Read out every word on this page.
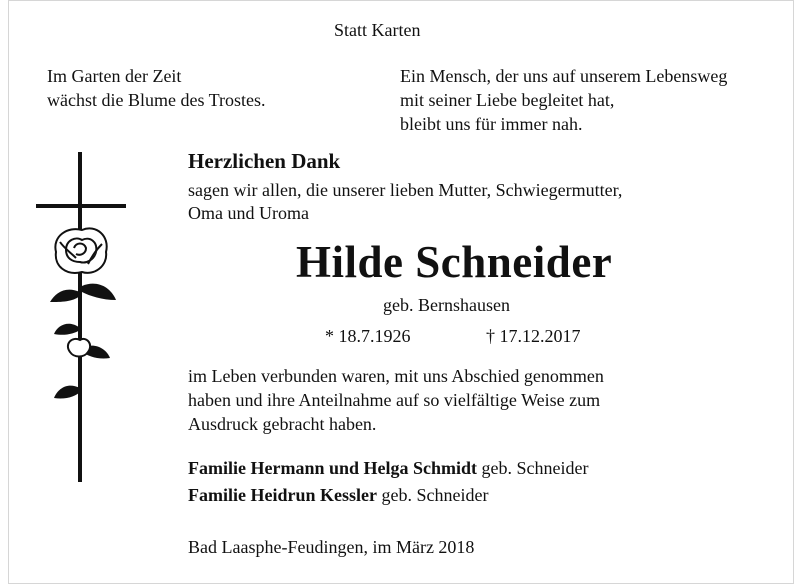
Statt Karten
Im Garten der Zeit
wächst die Blume des Trostes.
Ein Mensch, der uns auf unserem Lebensweg
mit seiner Liebe begleitet hat,
bleibt uns für immer nah.
Herzlichen Dank
sagen wir allen, die unserer lieben Mutter, Schwiegermutter,
Oma und Uroma
Hilde Schneider
geb. Bernshausen
* 18.7.1926	† 17.12.2017
im Leben verbunden waren, mit uns Abschied genommen
haben und ihre Anteilnahme auf so vielfältige Weise zum
Ausdruck gebracht haben.
Familie Hermann und Helga Schmidt geb. Schneider
Familie Heidrun Kessler geb. Schneider
Bad Laasphe-Feudingen, im März 2018
